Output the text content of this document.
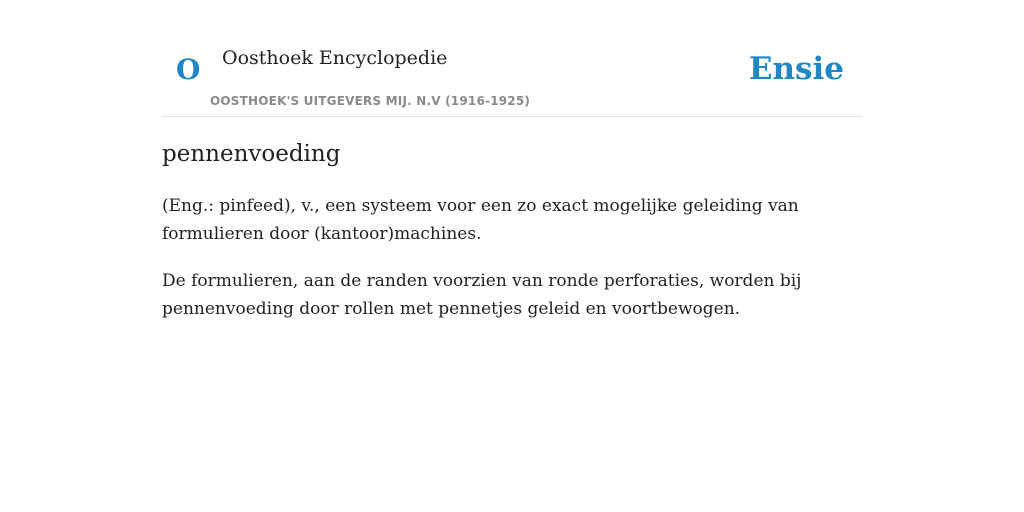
O Oosthoek Encyclopedie
OOSTHOEK'S UITGEVERS MIJ. N.V (1916-1925)
Ensie
pennenvoeding

(Eng.: pinfeed), v., een systeem voor een zo exact mogelijke geleiding van formulieren door (kantoor)machines.

De formulieren, aan de randen voorzien van ronde perforaties, worden bij pennenvoeding door rollen met pennetjes geleid en voortbewogen.
